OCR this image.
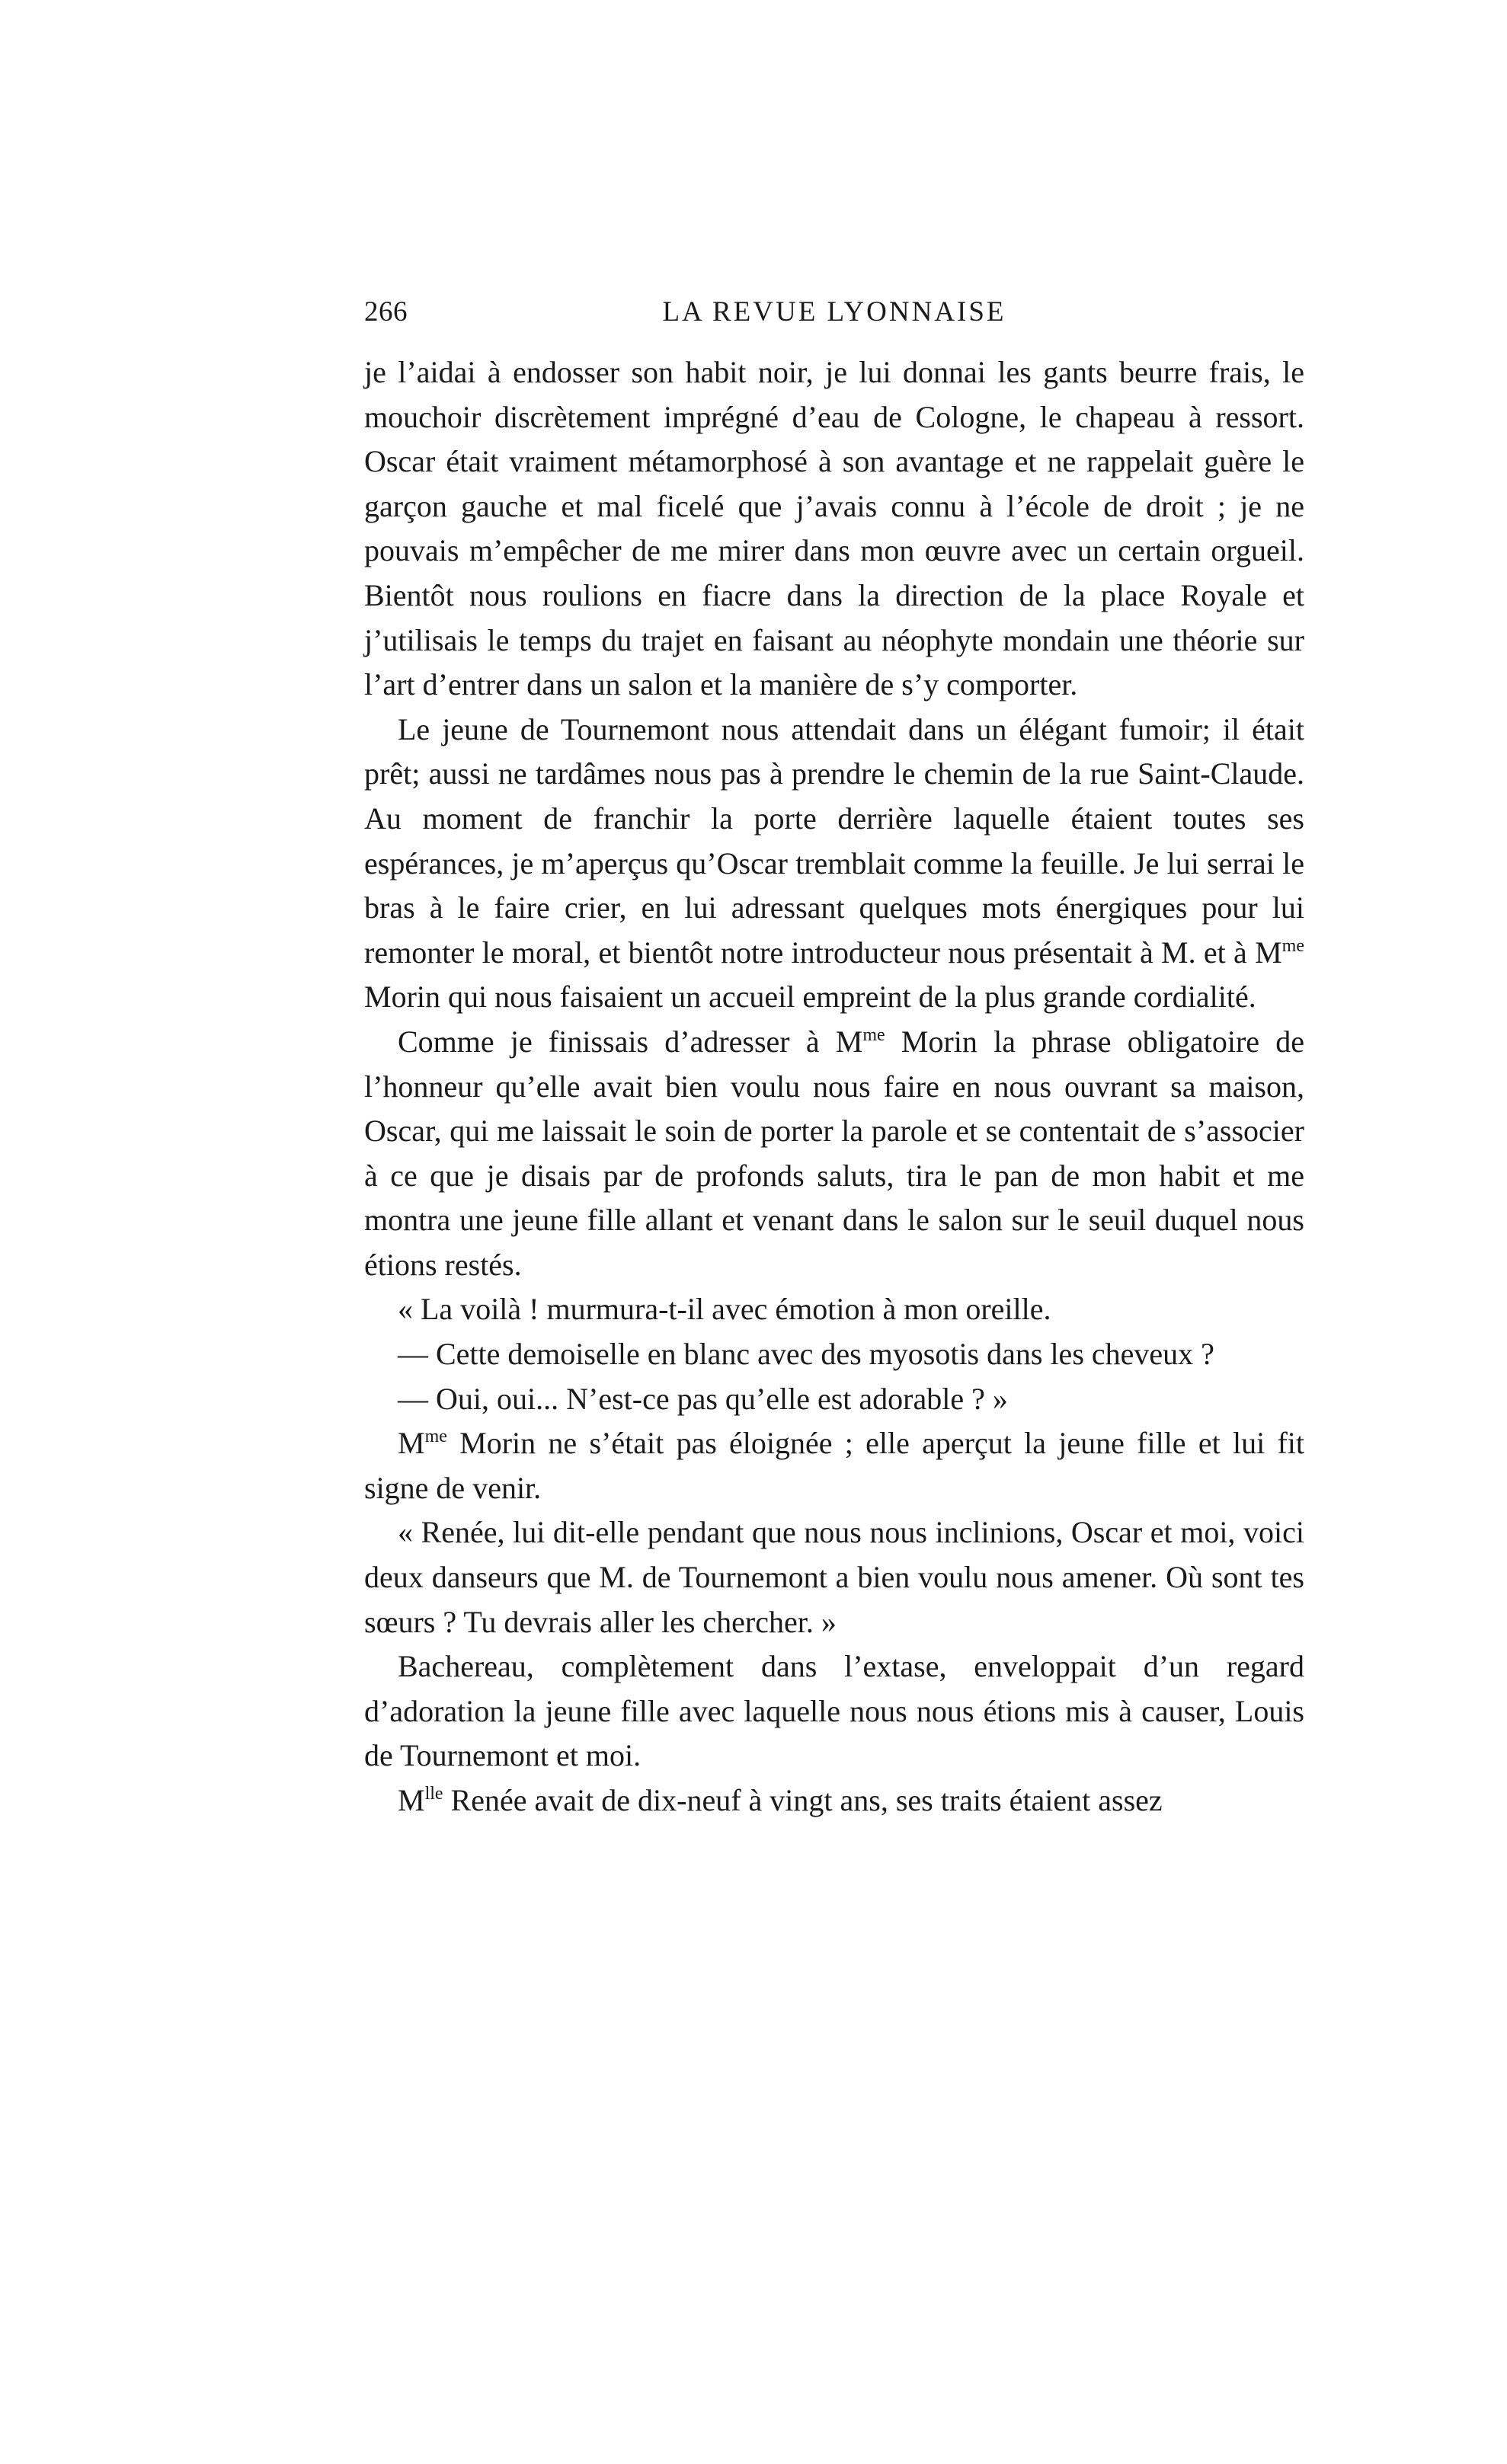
266	LA REVUE LYONNAISE

je l’aidai à endosser son habit noir, je lui donnai les gants beurre frais, le mouchoir discrètement imprégné d’eau de Cologne, le chapeau à ressort. Oscar était vraiment métamorphosé à son avantage et ne rappelait guère le garçon gauche et mal ficelé que j’avais connu à l’école de droit ; je ne pouvais m’empêcher de me mirer dans mon œuvre avec un certain orgueil. Bientôt nous roulions en fiacre dans la direction de la place Royale et j’utilisais le temps du trajet en faisant au néophyte mondain une théorie sur l’art d’entrer dans un salon et la manière de s’y comporter.

Le jeune de Tournemont nous attendait dans un élégant fumoir; il était prêt; aussi ne tardâmes nous pas à prendre le chemin de la rue Saint-Claude. Au moment de franchir la porte derrière laquelle étaient toutes ses espérances, je m’aperçus qu’Oscar tremblait comme la feuille. Je lui serrai le bras à le faire crier, en lui adressant quelques mots énergiques pour lui remonter le moral, et bientôt notre introducteur nous présentait à M. et à $M^{me}$ Morin qui nous faisaient un accueil empreint de la plus grande cordialité.

Comme je finissais d’adresser à $M^{me}$ Morin la phrase obligatoire de l’honneur qu’elle avait bien voulu nous faire en nous ouvrant sa maison, Oscar, qui me laissait le soin de porter la parole et se contentait de s’associer à ce que je disais par de profonds saluts, tira le pan de mon habit et me montra une jeune fille allant et venant dans le salon sur le seuil duquel nous étions restés.

« La voilà ! murmura-t-il avec émotion à mon oreille.

— Cette demoiselle en blanc avec des myosotis dans les cheveux ?

— Oui, oui... N’est-ce pas qu’elle est adorable ? »

$M^{me}$ Morin ne s’était pas éloignée ; elle aperçut la jeune fille et lui fit signe de venir.

« Renée, lui dit-elle pendant que nous nous inclinions, Oscar et moi, voici deux danseurs que M. de Tournemont a bien voulu nous amener. Où sont tes sœurs ? Tu devrais aller les chercher. »

Bachereau, complètement dans l’extase, enveloppait d’un regard d’adoration la jeune fille avec laquelle nous nous étions mis à causer, Louis de Tournemont et moi.

$M^{lle}$ Renée avait de dix-neuf à vingt ans, ses traits étaient assez
